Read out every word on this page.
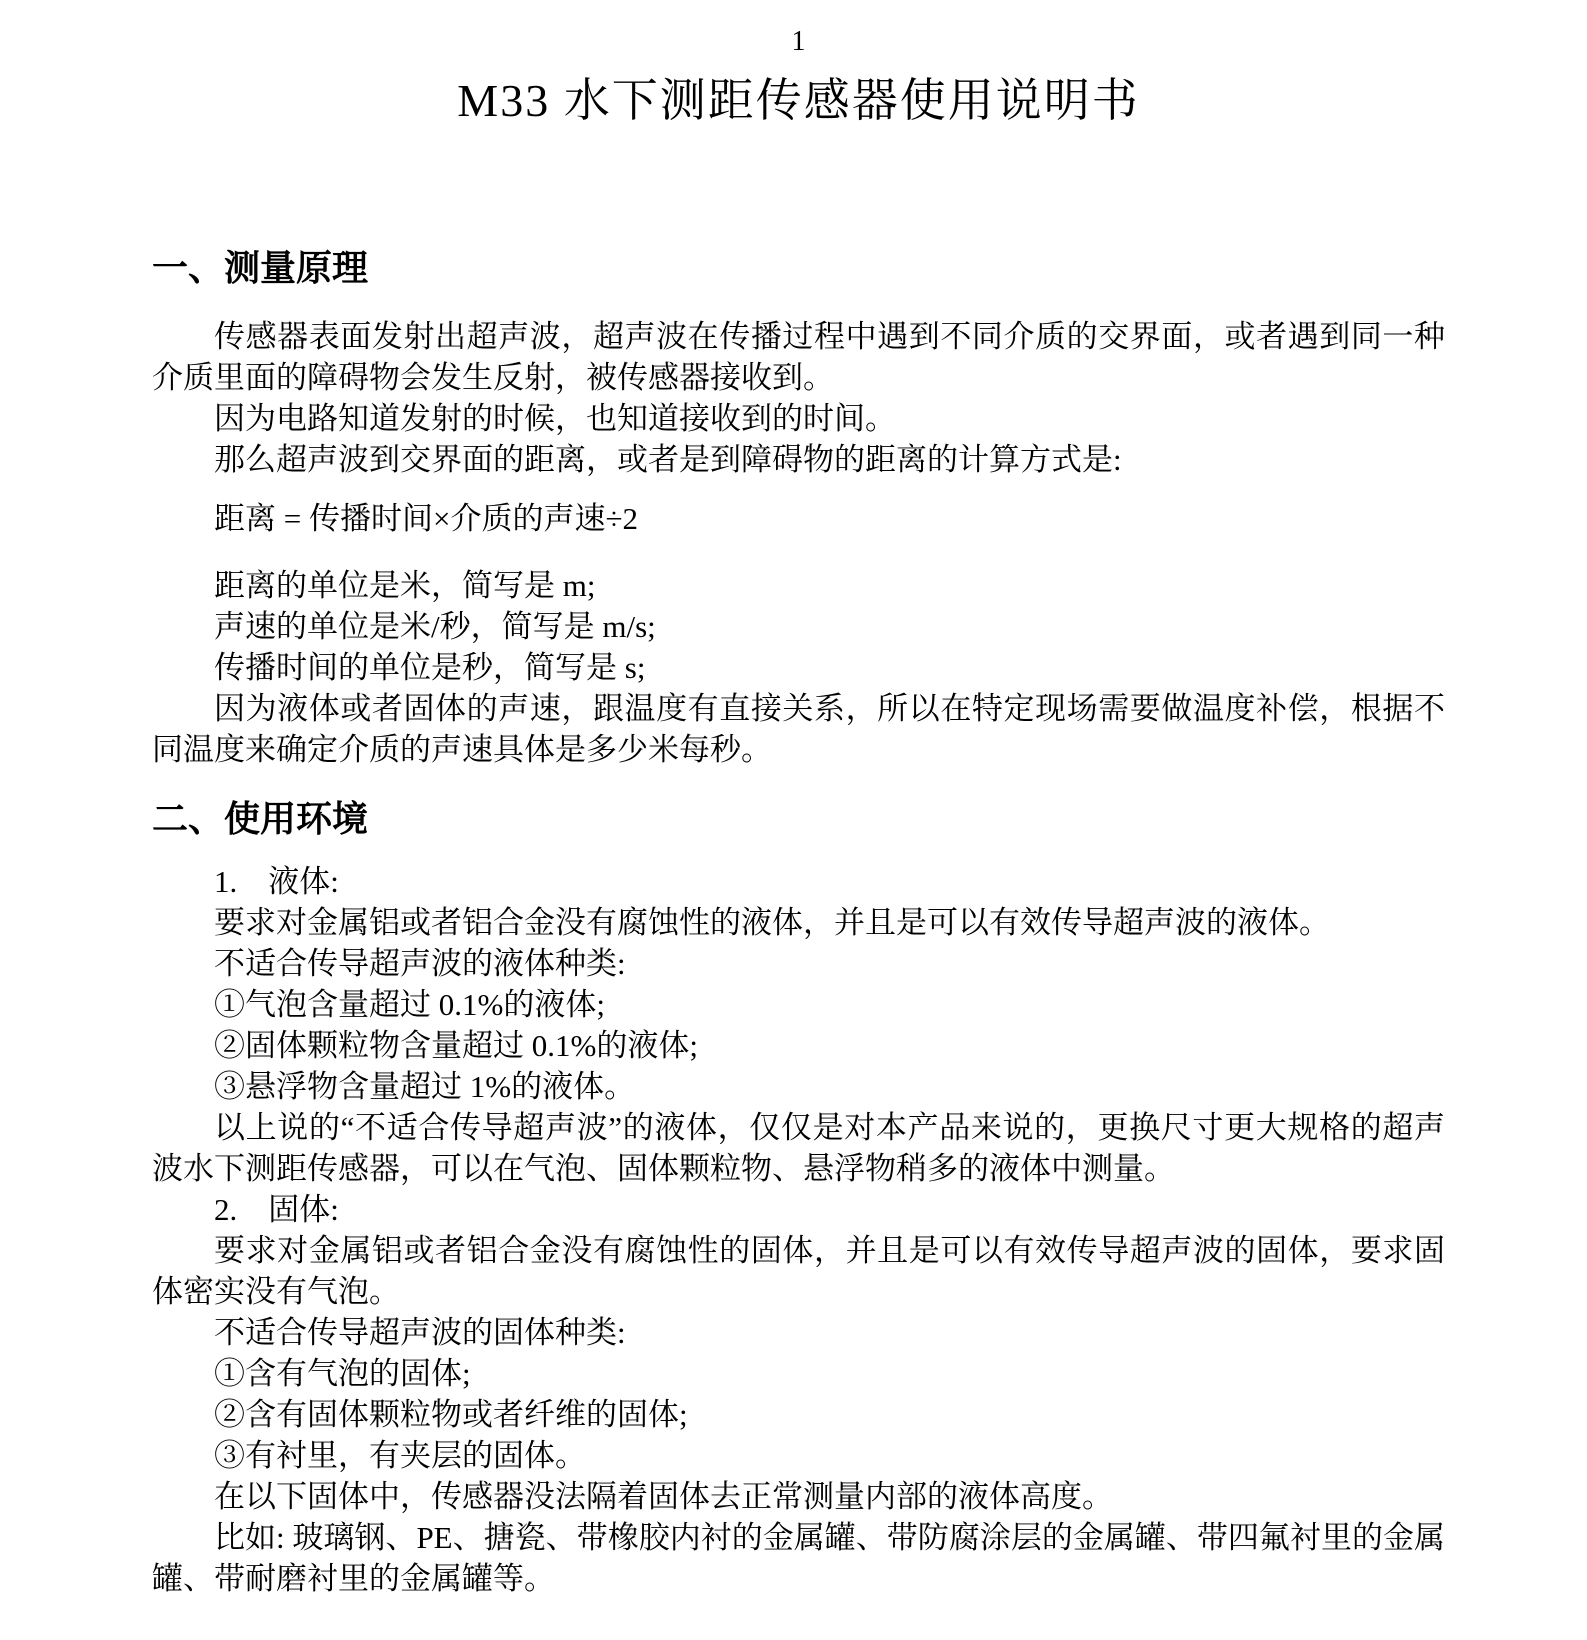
1
M33 水下测距传感器使用说明书
一、测量原理

传感器表面发射出超声波，超声波在传播过程中遇到不同介质的交界面，或者遇到同一种介质里面的障碍物会发生反射，被传感器接收到。

因为电路知道发射的时候，也知道接收到的时间。

那么超声波到交界面的距离，或者是到障碍物的距离的计算方式是:

距离 = 传播时间×介质的声速÷2

距离的单位是米，简写是 m;

声速的单位是米/秒，简写是 m/s;

传播时间的单位是秒，简写是 s;

因为液体或者固体的声速，跟温度有直接关系，所以在特定现场需要做温度补偿，根据不同温度来确定介质的声速具体是多少米每秒。

二、使用环境

1.　液体:

要求对金属铝或者铝合金没有腐蚀性的液体，并且是可以有效传导超声波的液体。

不适合传导超声波的液体种类:

①气泡含量超过 0.1%的液体;

②固体颗粒物含量超过 0.1%的液体;

③悬浮物含量超过 1%的液体。

以上说的“不适合传导超声波”的液体，仅仅是对本产品来说的，更换尺寸更大规格的超声波水下测距传感器，可以在气泡、固体颗粒物、悬浮物稍多的液体中测量。

2.　固体:

要求对金属铝或者铝合金没有腐蚀性的固体，并且是可以有效传导超声波的固体，要求固体密实没有气泡。

不适合传导超声波的固体种类:

①含有气泡的固体;

②含有固体颗粒物或者纤维的固体;

③有衬里，有夹层的固体。

在以下固体中，传感器没法隔着固体去正常测量内部的液体高度。

比如: 玻璃钢、PE、搪瓷、带橡胶内衬的金属罐、带防腐涂层的金属罐、带四氟衬里的金属罐、带耐磨衬里的金属罐等。
